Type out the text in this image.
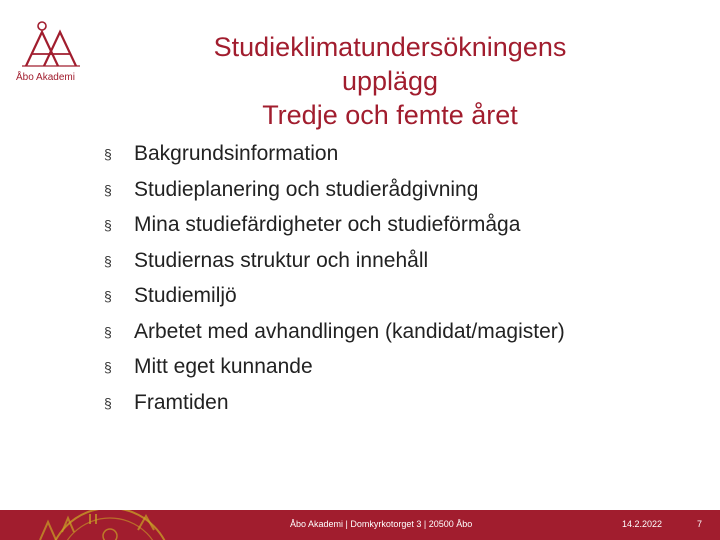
Åbo Akademi
Studieklimatundersökningens
upplägg
Tredje och femte året
§ Bakgrundsinformation
§ Studieplanering och studierådgivning
§ Mina studiefärdigheter och studieförmåga
§ Studiernas struktur och innehåll
§ Studiemiljö
§ Arbetet med avhandlingen (kandidat/magister)
§ Mitt eget kunnande
§ Framtiden
Åbo Akademi | Domkyrkotorget 3 | 20500 Åbo	14.2.2022	7
